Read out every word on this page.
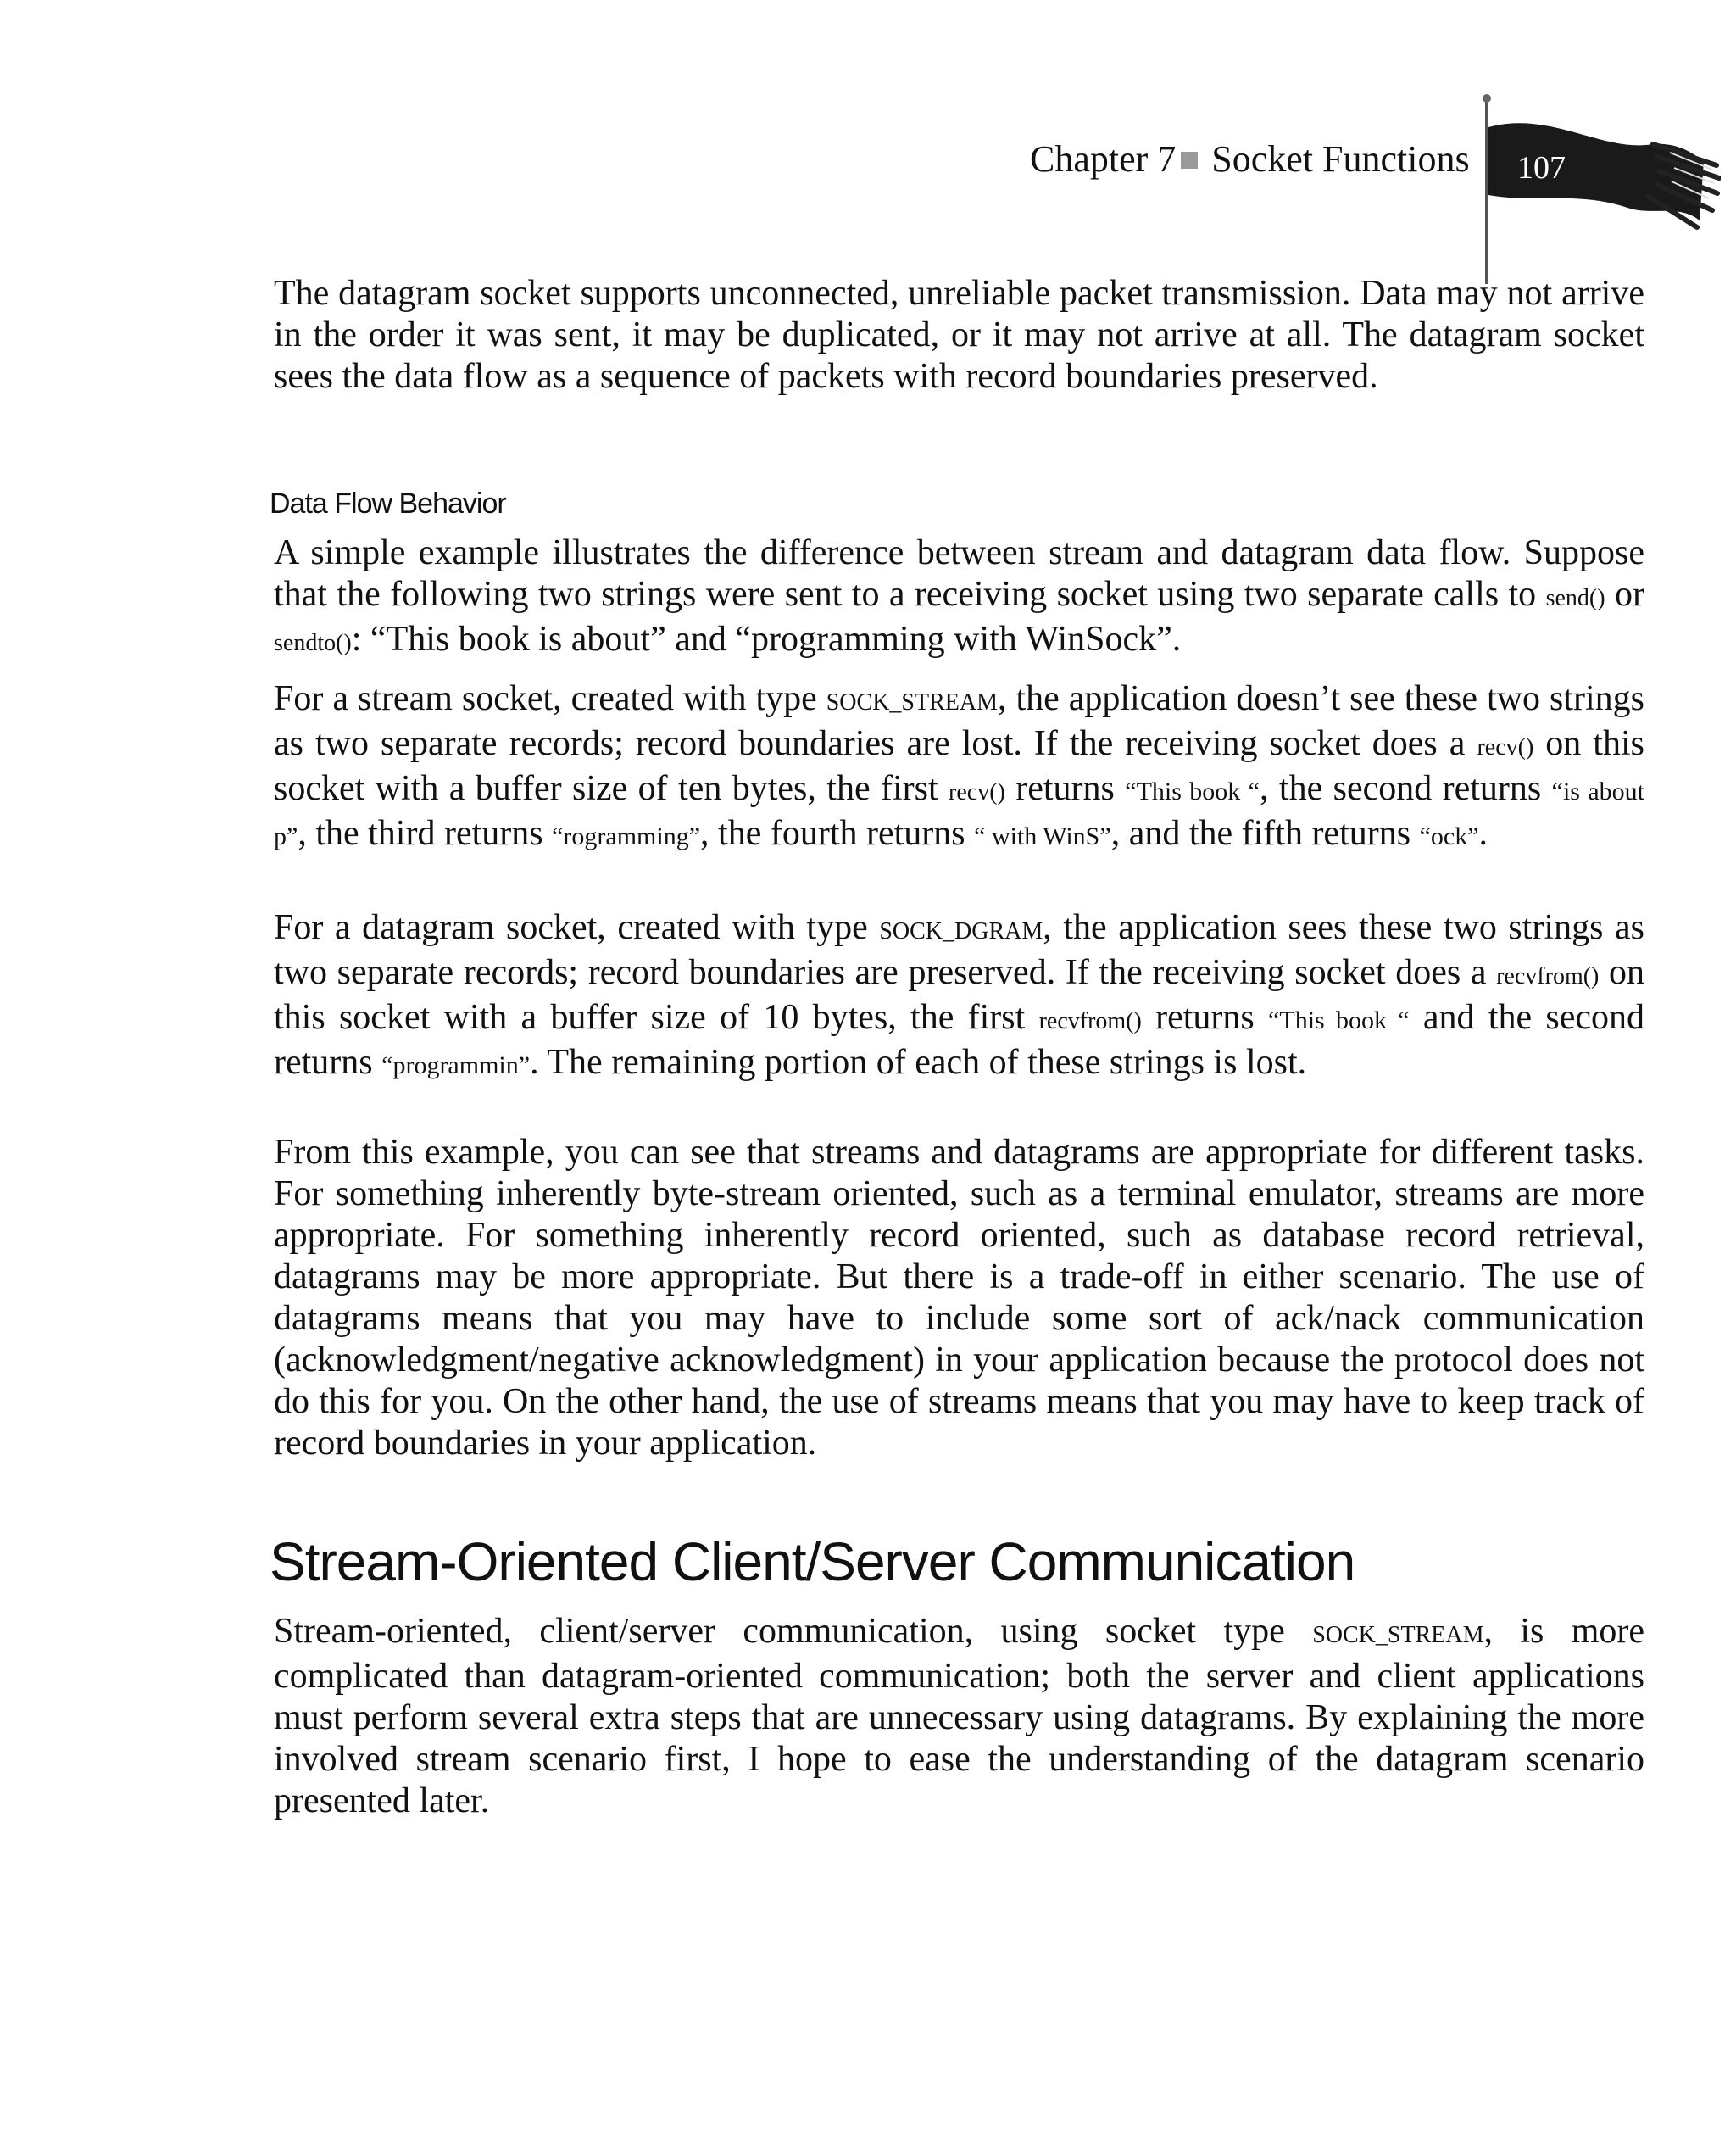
Chapter 7 Socket Functions 107

The datagram socket supports unconnected, unreliable packet transmission. Data may not arrive in the order it was sent, it may be duplicated, or it may not arrive at all. The datagram socket sees the data flow as a sequence of packets with record boundaries preserved.

Data Flow Behavior

A simple example illustrates the difference between stream and datagram data flow. Suppose that the following two strings were sent to a receiving socket using two separate calls to send() or sendto(): “This book is about” and “programming with WinSock”.

For a stream socket, created with type SOCK_STREAM, the application doesn’t see these two strings as two separate records; record boundaries are lost. If the receiving socket does a recv() on this socket with a buffer size of ten bytes, the first recv() returns “This book “, the second returns “is about p”, the third returns “rogramming”, the fourth returns “ with WinS”, and the fifth returns “ock”.

For a datagram socket, created with type SOCK_DGRAM, the application sees these two strings as two separate records; record boundaries are preserved. If the receiving socket does a recvfrom() on this socket with a buffer size of 10 bytes, the first recvfrom() returns “This book “ and the second returns “programmin”. The remaining portion of each of these strings is lost.

From this example, you can see that streams and datagrams are appropriate for different tasks. For something inherently byte-stream oriented, such as a terminal emulator, streams are more appropriate. For something inherently record oriented, such as database record retrieval, datagrams may be more appropriate. But there is a trade-off in either scenario. The use of datagrams means that you may have to include some sort of ack/nack communication (acknowledgment/negative acknowledgment) in your application because the protocol does not do this for you. On the other hand, the use of streams means that you may have to keep track of record boundaries in your application.

Stream-Oriented Client/Server Communication

Stream-oriented, client/server communication, using socket type SOCK_STREAM, is more complicated than datagram-oriented communication; both the server and client applications must perform several extra steps that are unnecessary using datagrams. By explaining the more involved stream scenario first, I hope to ease the understanding of the datagram scenario presented later.
